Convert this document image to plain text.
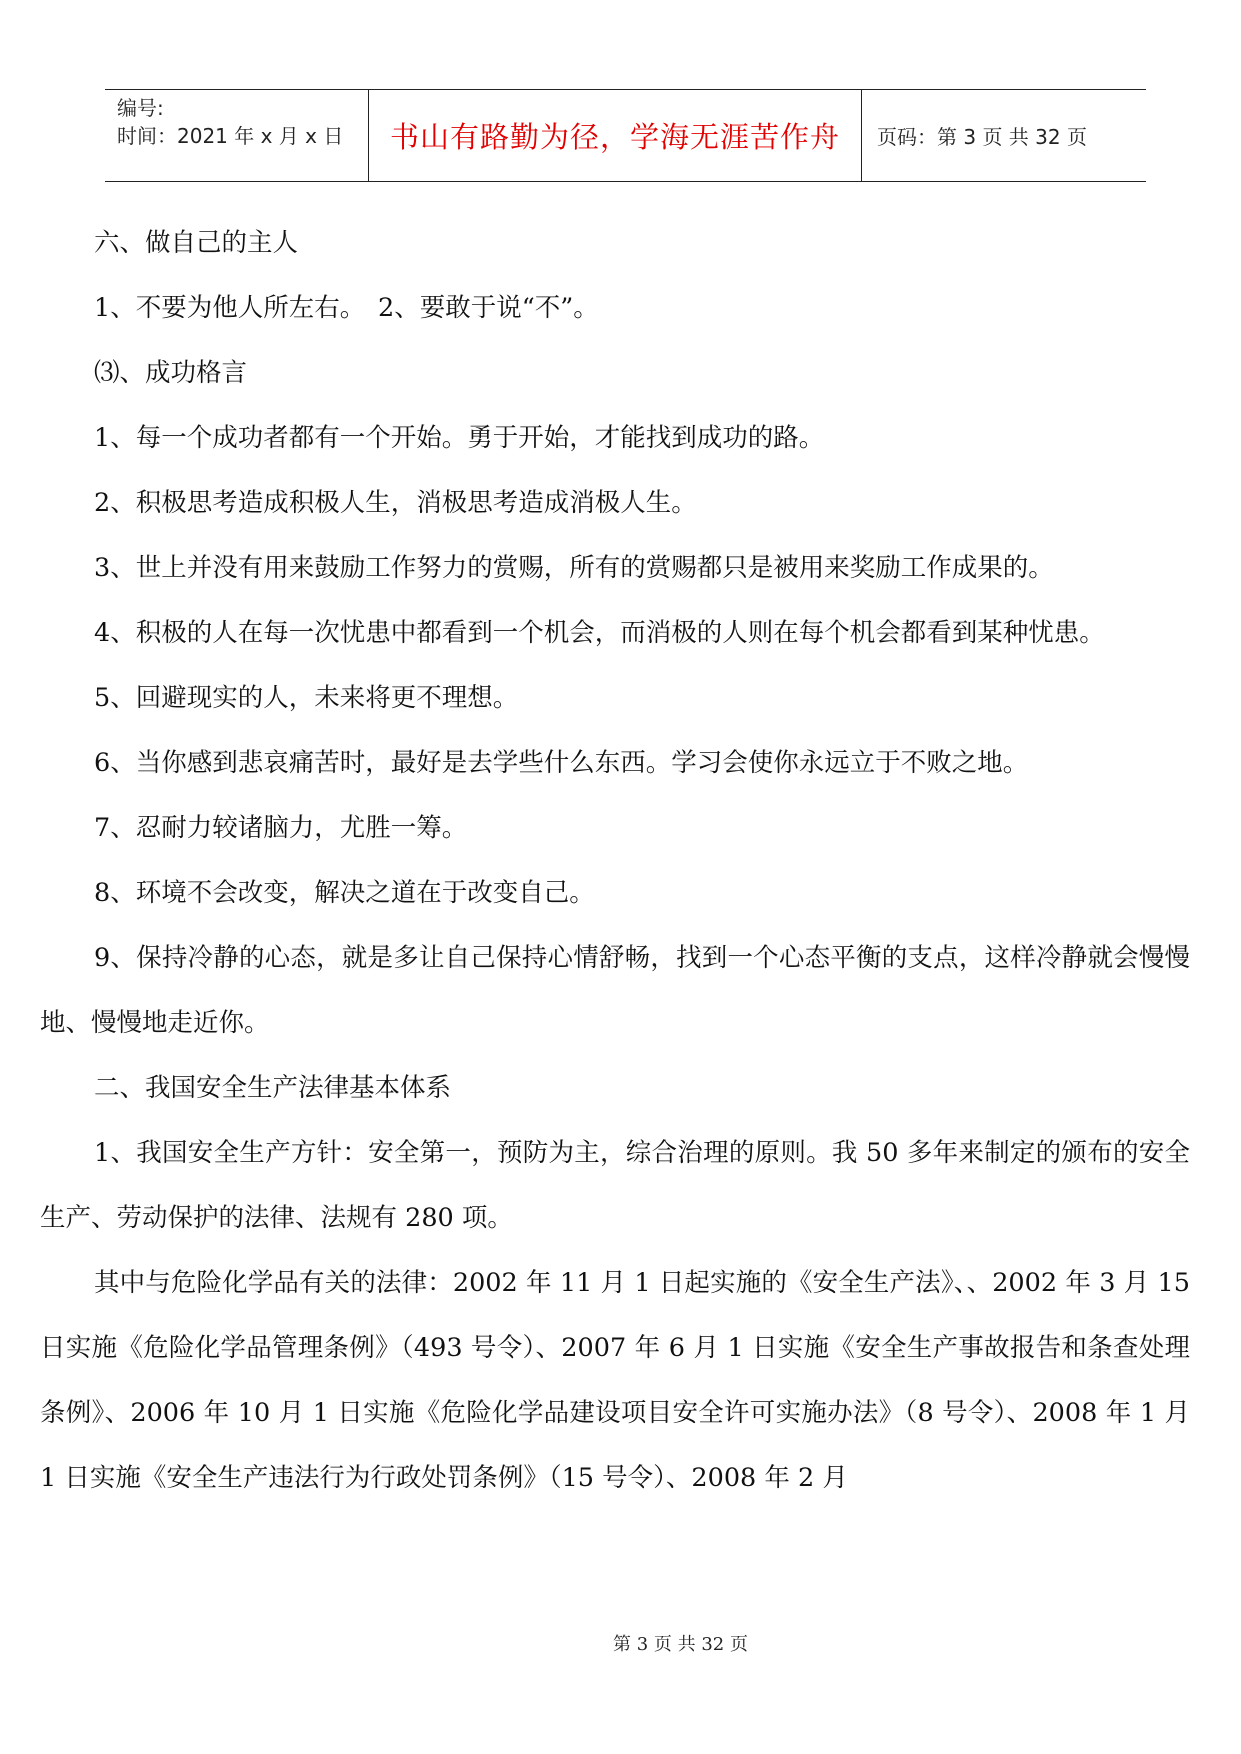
编号:
时间：2021 年 x 月 x 日	书山有路勤为径，学海无涯苦作舟	页码：第 3 页 共 32 页

六、做自己的主人

1、不要为他人所左右。　2、要敢于说“不”。

⑶、成功格言

1、每一个成功者都有一个开始。勇于开始，才能找到成功的路。

2、积极思考造成积极人生，消极思考造成消极人生。

3、世上并没有用来鼓励工作努力的赏赐，所有的赏赐都只是被用来奖励工作成果的。

4、积极的人在每一次忧患中都看到一个机会，而消极的人则在每个机会都看到某种忧患。

5、回避现实的人，未来将更不理想。

6、当你感到悲哀痛苦时，最好是去学些什么东西。学习会使你永远立于不败之地。

7、忍耐力较诸脑力，尤胜一筹。

8、环境不会改变，解决之道在于改变自己。

9、保持冷静的心态，就是多让自己保持心情舒畅，找到一个心态平衡的支点，这样冷静就会慢慢地、慢慢地走近你。

二、我国安全生产法律基本体系

1、我国安全生产方针：安全第一，预防为主，综合治理的原则。我 50 多年来制定的颁布的安全生产、劳动保护的法律、法规有 280 项。

其中与危险化学品有关的法律：2002 年 11 月 1 日起实施的《安全生产法》、、2002 年 3 月 15 日实施《危险化学品管理条例》（493 号令）、2007 年 6 月 1 日实施《安全生产事故报告和条查处理条例》、2006 年 10 月 1 日实施《危险化学品建设项目安全许可实施办法》（8 号令）、2008 年 1 月 1 日实施《安全生产违法行为行政处罚条例》（15 号令）、2008 年 2 月

第 3 页 共 32 页
